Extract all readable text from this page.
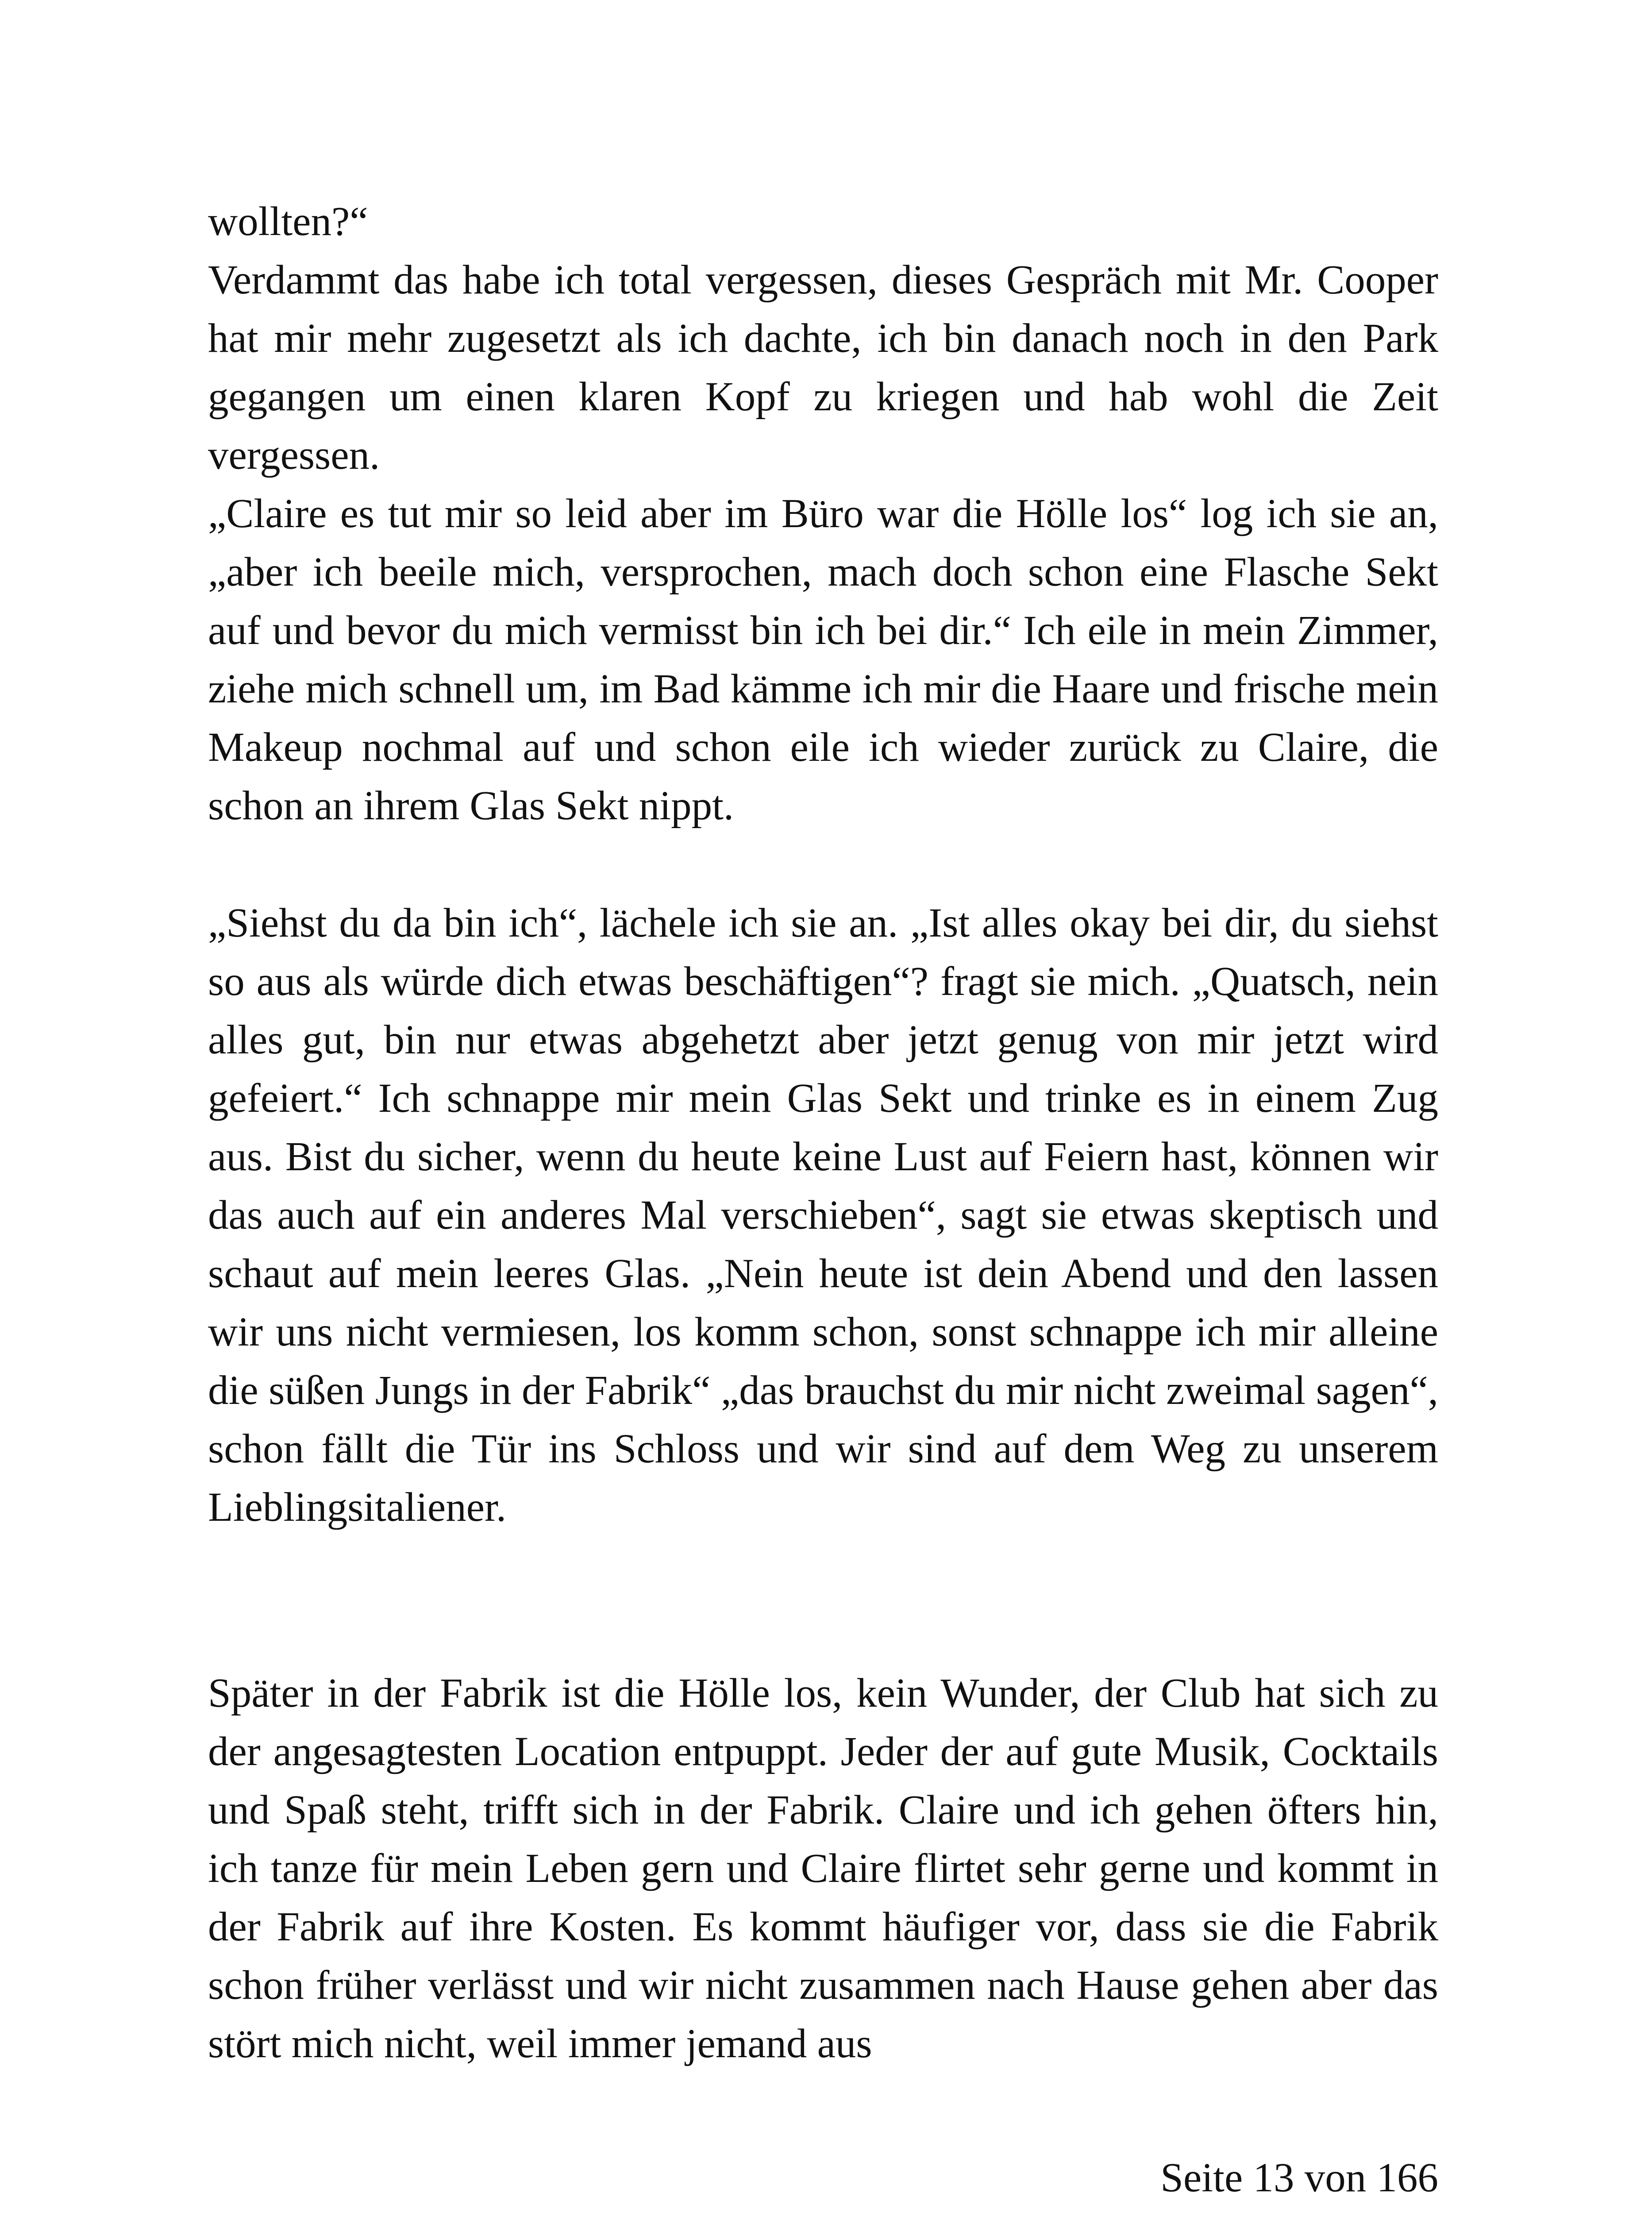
wollten?“

Verdammt das habe ich total vergessen, dieses Gespräch mit Mr. Cooper hat mir mehr zugesetzt als ich dachte, ich bin danach noch in den Park gegangen um einen klaren Kopf zu kriegen und hab wohl die Zeit vergessen.

„Claire es tut mir so leid aber im Büro war die Hölle los“ log ich sie an, „aber ich beeile mich, versprochen, mach doch schon eine Flasche Sekt auf und bevor du mich vermisst bin ich bei dir.“ Ich eile in mein Zimmer, ziehe mich schnell um, im Bad kämme ich mir die Haare und frische mein Makeup nochmal auf und schon eile ich wieder zurück zu Claire, die schon an ihrem Glas Sekt nippt.

„Siehst du da bin ich“, lächele ich sie an. „Ist alles okay bei dir, du siehst so aus als würde dich etwas beschäftigen“? fragt sie mich. „Quatsch, nein alles gut, bin nur etwas abgehetzt aber jetzt genug von mir jetzt wird gefeiert.“ Ich schnappe mir mein Glas Sekt und trinke es in einem Zug aus. Bist du sicher, wenn du heute keine Lust auf Feiern hast, können wir das auch auf ein anderes Mal verschieben“, sagt sie etwas skeptisch und schaut auf mein leeres Glas. „Nein heute ist dein Abend und den lassen wir uns nicht vermiesen, los komm schon, sonst schnappe ich mir alleine die süßen Jungs in der Fabrik“ „das brauchst du mir nicht zweimal sagen“, schon fällt die Tür ins Schloss und wir sind auf dem Weg zu unserem Lieblingsitaliener.

Später in der Fabrik ist die Hölle los, kein Wunder, der Club hat sich zu der angesagtesten Location entpuppt. Jeder der auf gute Musik, Cocktails und Spaß steht, trifft sich in der Fabrik. Claire und ich gehen öfters hin, ich tanze für mein Leben gern und Claire flirtet sehr gerne und kommt in der Fabrik auf ihre Kosten. Es kommt häufiger vor, dass sie die Fabrik schon früher verlässt und wir nicht zusammen nach Hause gehen aber das stört mich nicht, weil immer jemand aus

Seite 13 von 166
